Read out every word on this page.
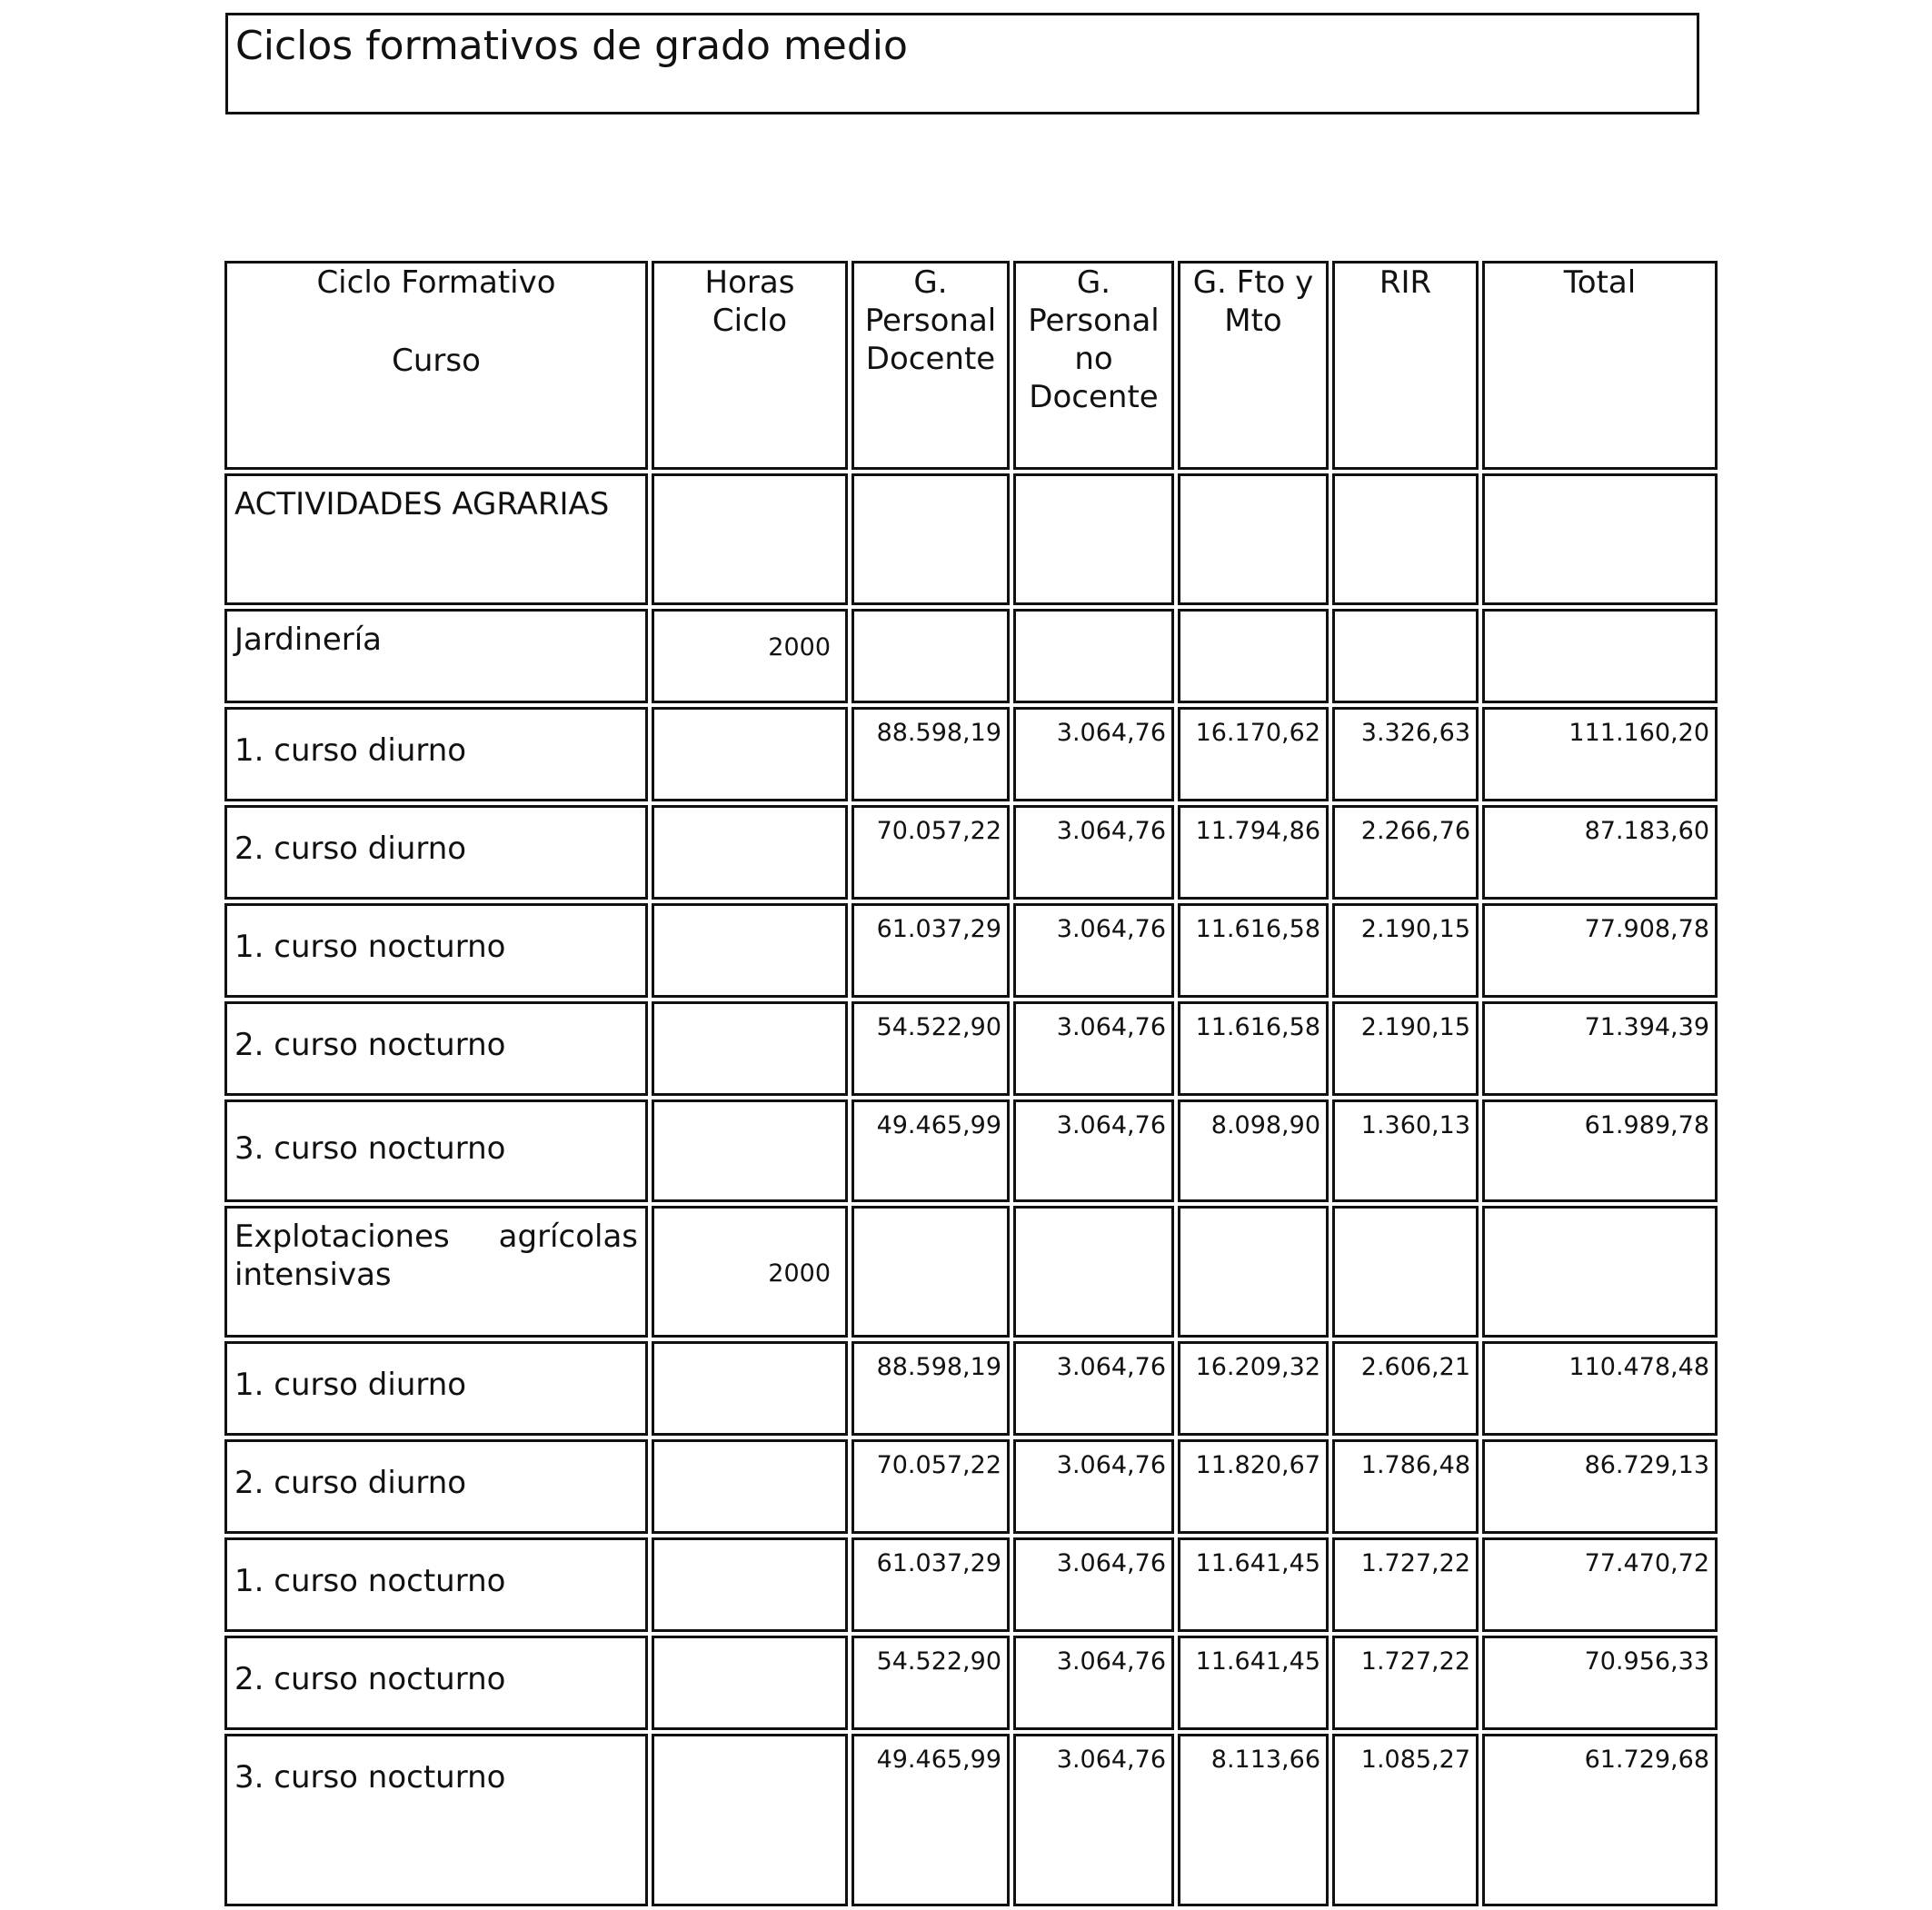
Ciclos formativos de grado medio
Ciclo Formativo
Curso	Horas Ciclo	G. Personal Docente	G. Personal no Docente	G. Fto y Mto	RIR	Total
ACTIVIDADES AGRARIAS						
Jardinería	2000					
1. curso diurno		88.598,19	3.064,76	16.170,62	3.326,63	111.160,20
2. curso diurno		70.057,22	3.064,76	11.794,86	2.266,76	87.183,60
1. curso nocturno		61.037,29	3.064,76	11.616,58	2.190,15	77.908,78
2. curso nocturno		54.522,90	3.064,76	11.616,58	2.190,15	71.394,39
3. curso nocturno		49.465,99	3.064,76	8.098,90	1.360,13	61.989,78

Explotaciones agrícolas
intensivas	2000					
1. curso diurno		88.598,19	3.064,76	16.209,32	2.606,21	110.478,48
2. curso diurno		70.057,22	3.064,76	11.820,67	1.786,48	86.729,13
1. curso nocturno		61.037,29	3.064,76	11.641,45	1.727,22	77.470,72
2. curso nocturno		54.522,90	3.064,76	11.641,45	1.727,22	70.956,33
3. curso nocturno		49.465,99	3.064,76	8.113,66	1.085,27	61.729,68
